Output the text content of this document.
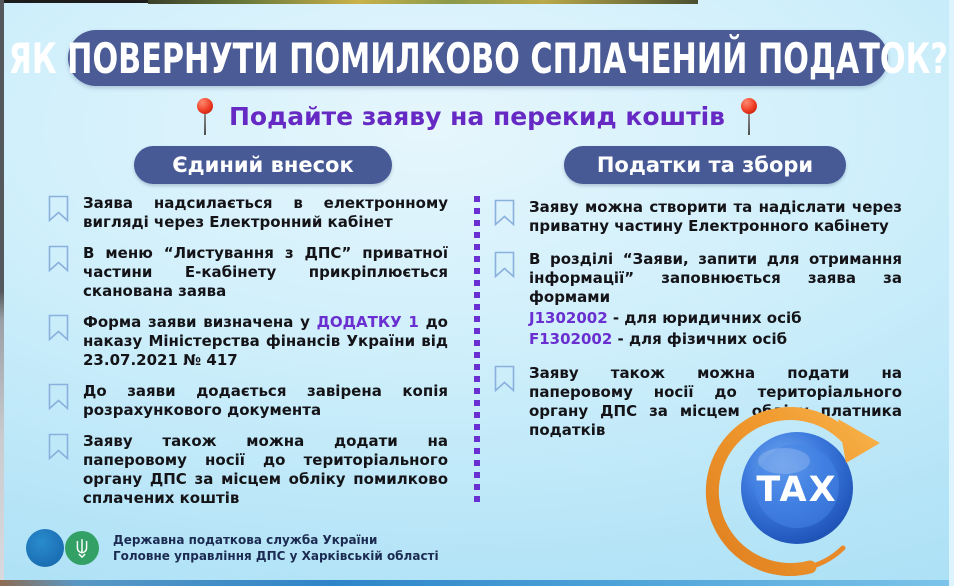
ЯК ПОВЕРНУТИ ПОМИЛКОВО СПЛАЧЕНИЙ ПОДАТОК?
Подайте заяву на перекид коштів
Єдиний внесок	Податки та збори
Заява надсилається в електронному вигляді через Електронний кабінет
В меню “Листування з ДПС” приватної частини Е-кабінету прикріплюється сканована заява
Форма заяви визначена у ДОДАТКУ 1 до наказу Міністерства фінансів України від 23.07.2021 № 417
До заяви додається завірена копія розрахункового документа
Заяву також можна додати на паперовому носії до територіального органу ДПС за місцем обліку помилково сплачених коштів
Заяву можна створити та надіслати через приватну частину Електронного кабінету
В розділі “Заяви, запити для отримання інформації” заповнюється заява за формами
J1302002 - для юридичних осіб
F1302002 - для фізичних осіб
Заяву також можна подати на паперовому носії до територіального органу ДПС за місцем обліку платника податків
TAX
Державна податкова служба України
Головне управління ДПС у Харківській області
